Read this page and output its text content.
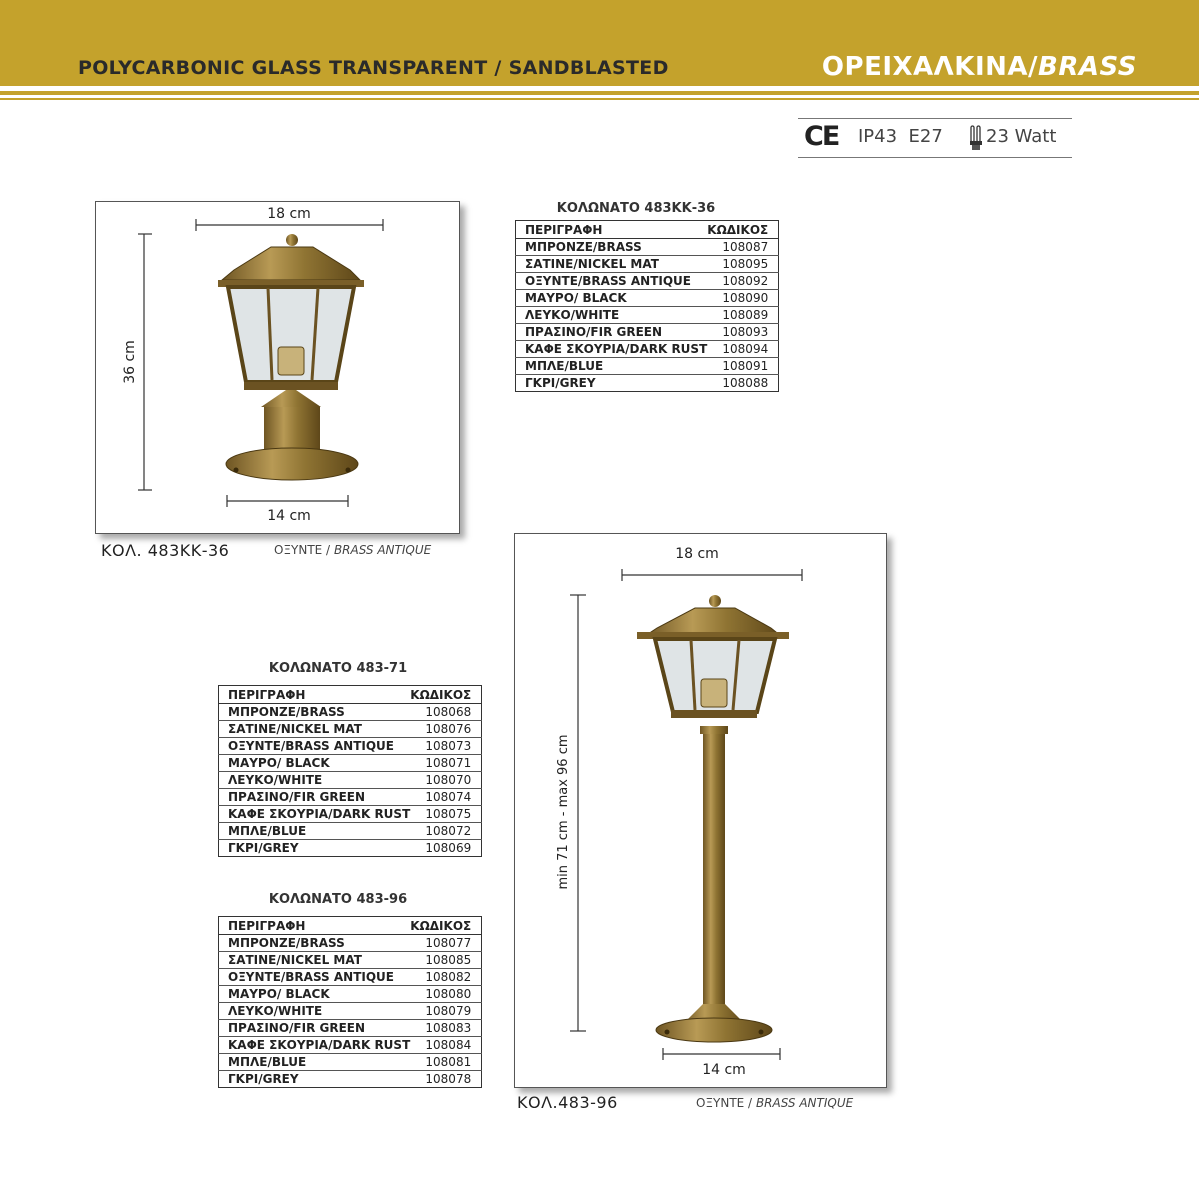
POLYCARBONIC GLASS TRANSPARENT / SANDBLASTED	ΟΡΕΙΧΑΛΚΙΝΑ/BRASS
CE IP43 E27 23 Watt
18 cm
14 cm
36 cm
ΚΟΛ. 483ΚΚ-36	ΟΞΥΝΤΕ / BRASS ANTIQUE
ΚΟΛΩΝΑΤΟ 483ΚΚ-36
ΠΕΡΙΓΡΑΦΗ	ΚΩΔΙΚΟΣ
ΜΠΡΟΝΖΕ/BRASS	108087
ΣΑΤΙΝΕ/NICKEL MAT	108095
ΟΞΥΝΤΕ/BRASS ANTIQUE	108092
ΜΑΥΡΟ/ BLACK	108090
ΛΕΥΚΟ/WHITE	108089
ΠΡΑΣΙΝΟ/FIR GREEN	108093
ΚΑΦΕ ΣΚΟΥΡΙΑ/DARK RUST	108094
ΜΠΛΕ/BLUE	108091
ΓΚΡΙ/GREY	108088
ΚΟΛΩΝΑΤΟ 483-71
ΠΕΡΙΓΡΑΦΗ	ΚΩΔΙΚΟΣ
ΜΠΡΟΝΖΕ/BRASS	108068
ΣΑΤΙΝΕ/NICKEL MAT	108076
ΟΞΥΝΤΕ/BRASS ANTIQUE	108073
ΜΑΥΡΟ/ BLACK	108071
ΛΕΥΚΟ/WHITE	108070
ΠΡΑΣΙΝΟ/FIR GREEN	108074
ΚΑΦΕ ΣΚΟΥΡΙΑ/DARK RUST	108075
ΜΠΛΕ/BLUE	108072
ΓΚΡΙ/GREY	108069
ΚΟΛΩΝΑΤΟ 483-96
ΠΕΡΙΓΡΑΦΗ	ΚΩΔΙΚΟΣ
ΜΠΡΟΝΖΕ/BRASS	108077
ΣΑΤΙΝΕ/NICKEL MAT	108085
ΟΞΥΝΤΕ/BRASS ANTIQUE	108082
ΜΑΥΡΟ/ BLACK	108080
ΛΕΥΚΟ/WHITE	108079
ΠΡΑΣΙΝΟ/FIR GREEN	108083
ΚΑΦΕ ΣΚΟΥΡΙΑ/DARK RUST	108084
ΜΠΛΕ/BLUE	108081
ΓΚΡΙ/GREY	108078
18 cm
14 cm
min 71 cm - max 96 cm
ΚΟΛ.483-96	ΟΞΥΝΤΕ / BRASS ANTIQUE
